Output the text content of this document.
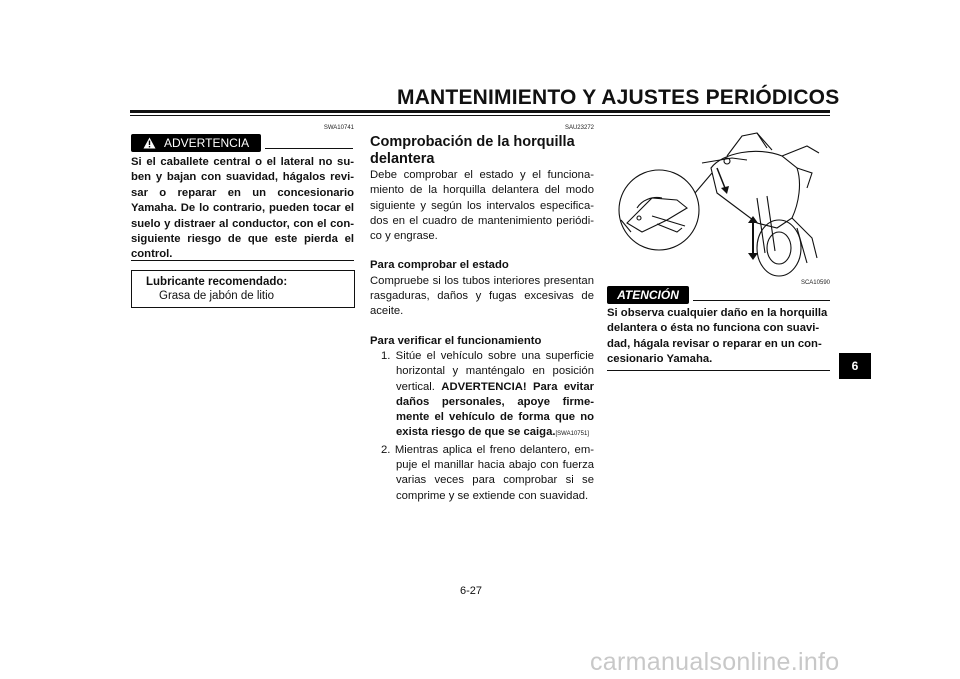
MANTENIMIENTO Y AJUSTES PERIÓDICOS
6
SWA10741
ADVERTENCIA
Si el caballete central o el lateral no suben y bajan con suavidad, hágalos revisar o reparar en un concesionario Yamaha. De lo contrario, pueden tocar el suelo y distraer al conductor, con el consiguiente riesgo de que este pierda el control.
Lubricante recomendado:
Grasa de jabón de litio
SAU23272
Comprobación de la horquilla delantera

Debe comprobar el estado y el funcionamiento de la horquilla delantera del modo siguiente y según los intervalos especificados en el cuadro de mantenimiento periódico y engrase.

Para comprobar el estado

Compruebe si los tubos interiores presentan rasgaduras, daños y fugas excesivas de aceite.

Para verificar el funcionamiento
1. Sitúe el vehículo sobre una superficie horizontal y manténgalo en posición vertical. ADVERTENCIA! Para evitar daños personales, apoye firmemente el vehículo de forma que no exista riesgo de que se caiga.[SWA10751]
2. Mientras aplica el freno delantero, empuje el manillar hacia abajo con fuerza varias veces para comprobar si se comprime y se extiende con suavidad.
SCA10590
ATENCIÓN
Si observa cualquier daño en la horquilla delantera o ésta no funciona con suavidad, hágala revisar o reparar en un concesionario Yamaha.
6-27
carmanualsonline.info
